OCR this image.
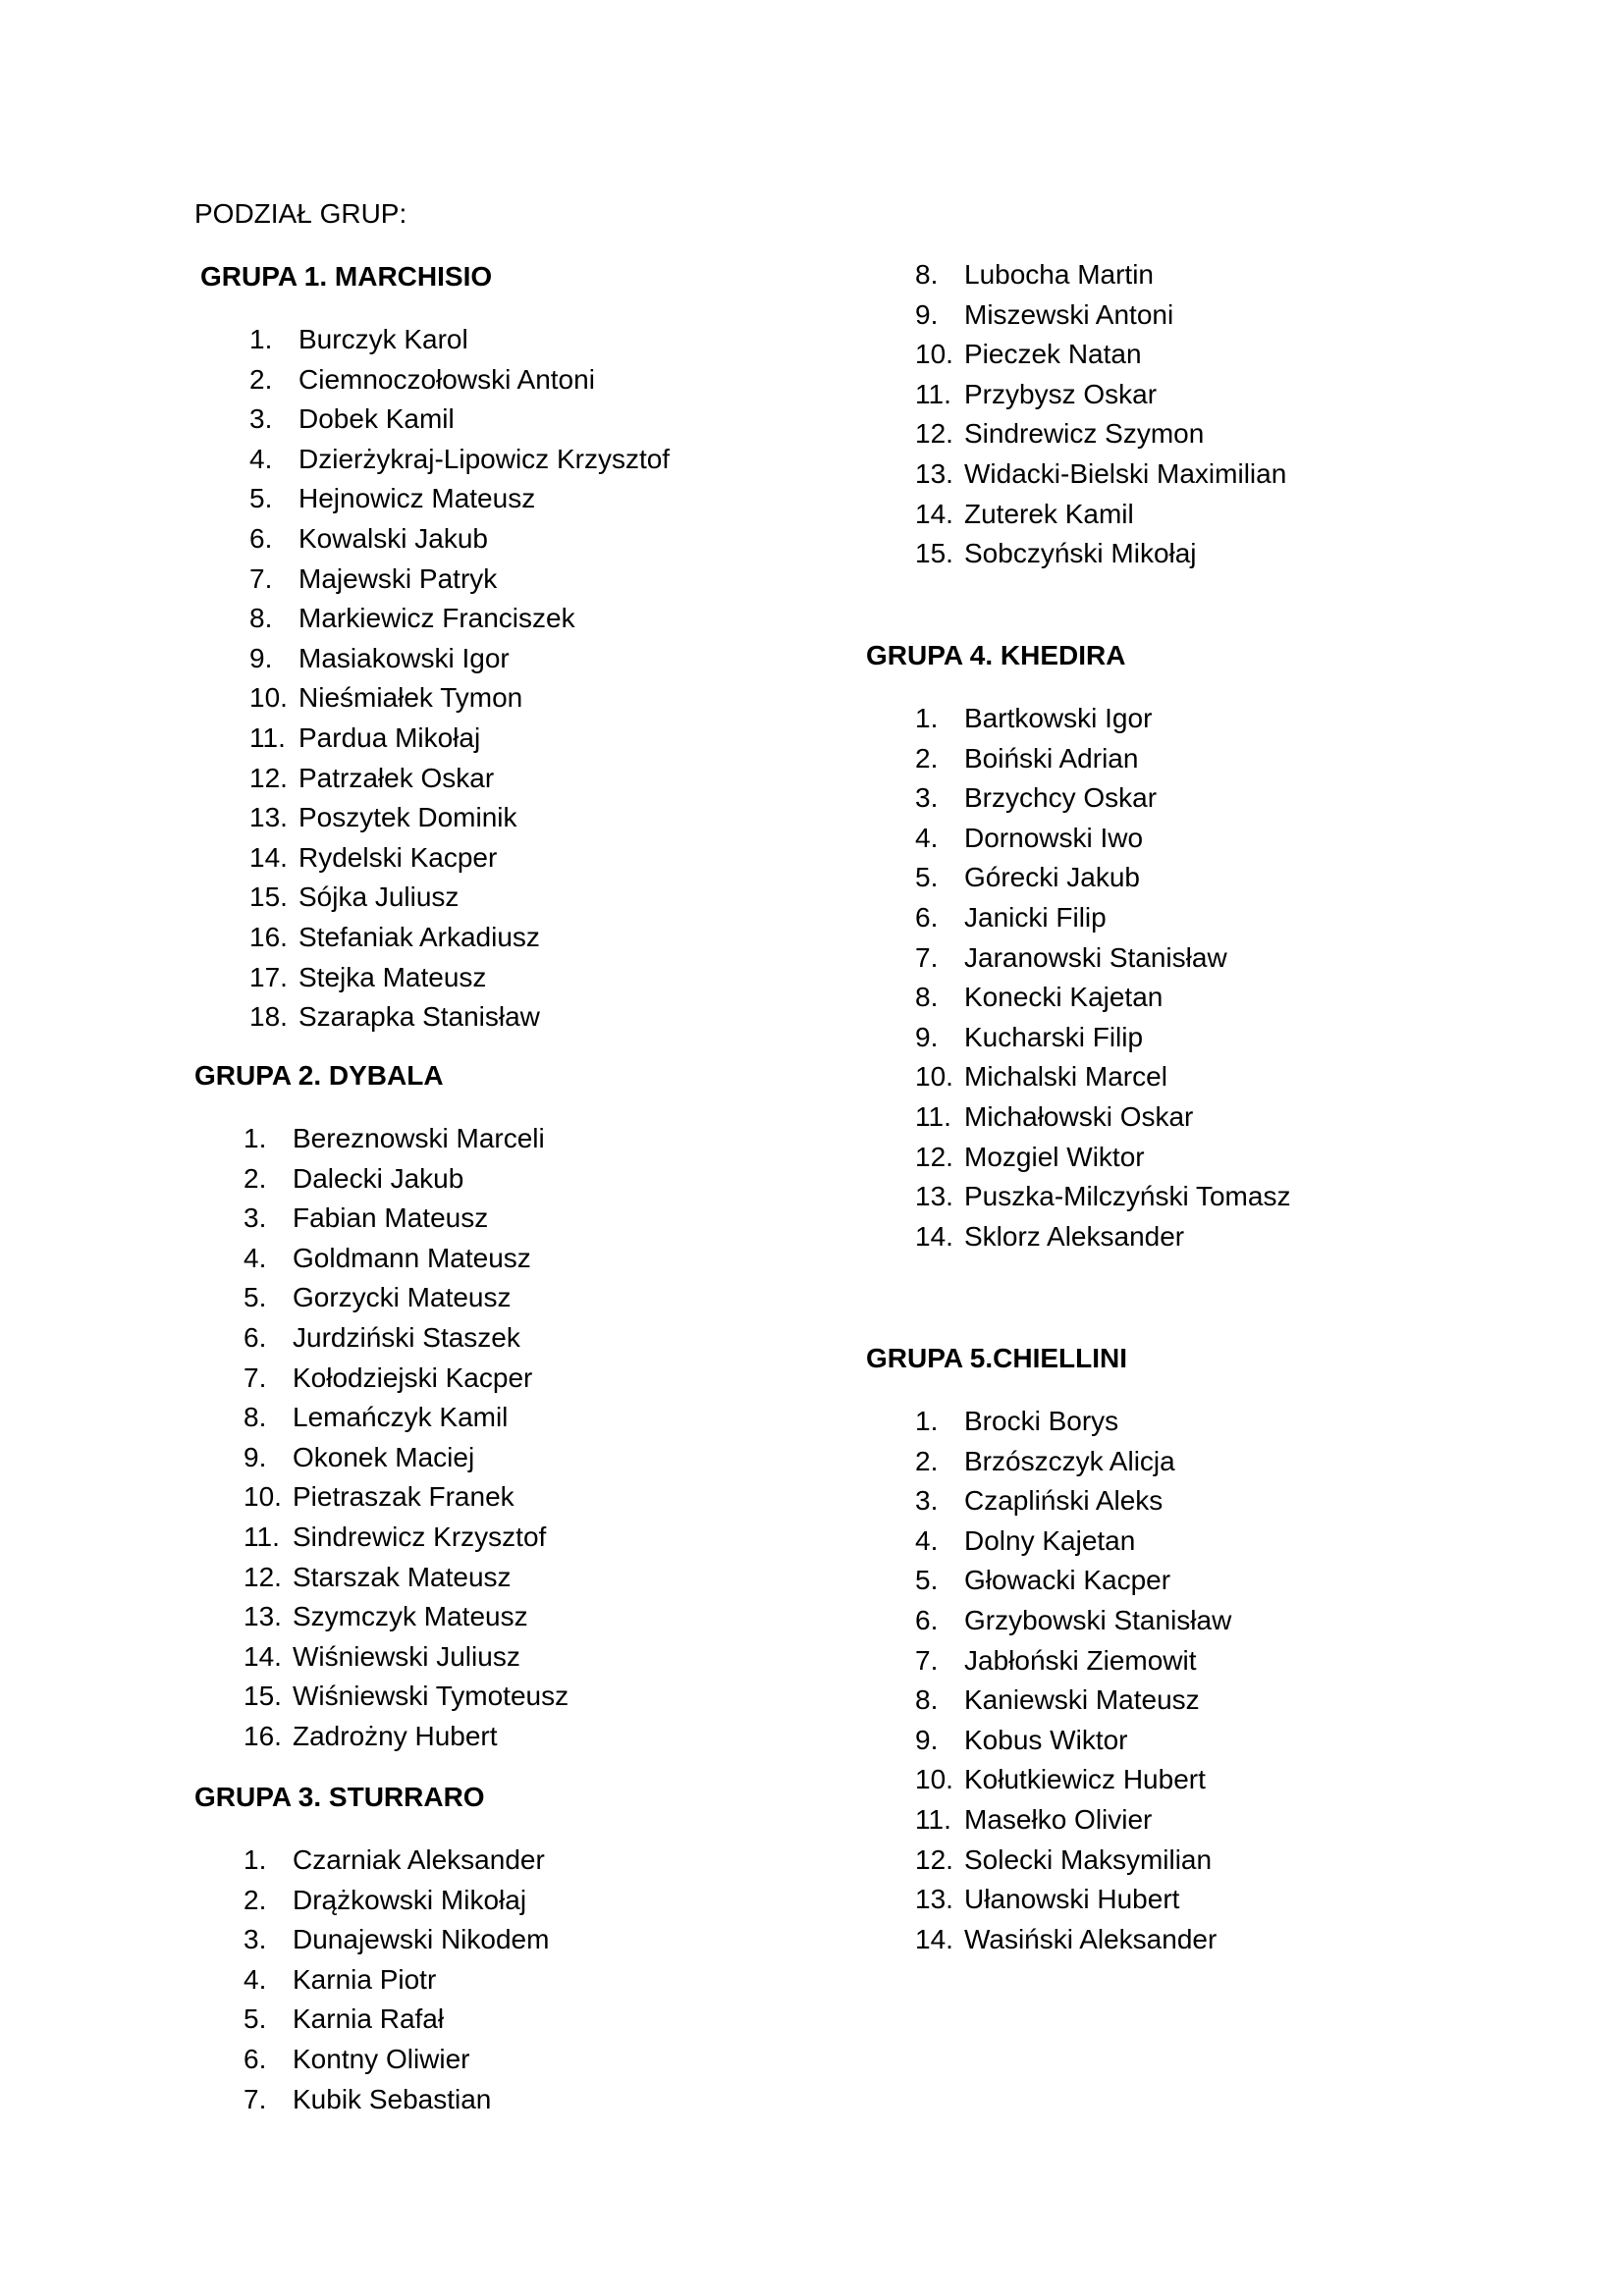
PODZIAŁ GRUP:
GRUPA 1. MARCHISIO
1. Burczyk Karol
2. Ciemnoczołowski Antoni
3. Dobek Kamil
4. Dzierżykraj-Lipowicz Krzysztof
5. Hejnowicz Mateusz
6. Kowalski Jakub
7. Majewski Patryk
8. Markiewicz Franciszek
9. Masiakowski Igor
10. Nieśmiałek Tymon
11. Pardua Mikołaj
12. Patrzałek Oskar
13. Poszytek Dominik
14. Rydelski Kacper
15. Sójka Juliusz
16. Stefaniak Arkadiusz
17. Stejka Mateusz
18. Szarapka Stanisław
GRUPA 2. DYBALA
1. Bereznowski Marceli
2. Dalecki Jakub
3. Fabian Mateusz
4. Goldmann Mateusz
5. Gorzycki Mateusz
6. Jurdziński Staszek
7. Kołodziejski Kacper
8. Lemańczyk Kamil
9. Okonek Maciej
10. Pietraszak Franek
11. Sindrewicz Krzysztof
12. Starszak Mateusz
13. Szymczyk Mateusz
14. Wiśniewski Juliusz
15. Wiśniewski Tymoteusz
16. Zadrożny Hubert
GRUPA 3. STURRARO
1. Czarniak Aleksander
2. Drążkowski Mikołaj
3. Dunajewski Nikodem
4. Karnia Piotr
5. Karnia Rafał
6. Kontny Oliwier
7. Kubik Sebastian
8. Lubocha Martin
9. Miszewski Antoni
10. Pieczek Natan
11. Przybysz Oskar
12. Sindrewicz Szymon
13. Widacki-Bielski Maximilian
14. Zuterek Kamil
15. Sobczyński Mikołaj
GRUPA 4. KHEDIRA
1. Bartkowski Igor
2. Boiński Adrian
3. Brzychcy Oskar
4. Dornowski Iwo
5. Górecki Jakub
6. Janicki Filip
7. Jaranowski Stanisław
8. Konecki Kajetan
9. Kucharski Filip
10. Michalski Marcel
11. Michałowski Oskar
12. Mozgiel Wiktor
13. Puszka-Milczyński Tomasz
14. Sklorz Aleksander
GRUPA 5.CHIELLINI
1. Brocki Borys
2. Brzószczyk Alicja
3. Czapliński Aleks
4. Dolny Kajetan
5. Głowacki Kacper
6. Grzybowski Stanisław
7. Jabłoński Ziemowit
8. Kaniewski Mateusz
9. Kobus Wiktor
10. Kołutkiewicz Hubert
11. Masełko Olivier
12. Solecki Maksymilian
13. Ułanowski Hubert
14. Wasiński Aleksander
